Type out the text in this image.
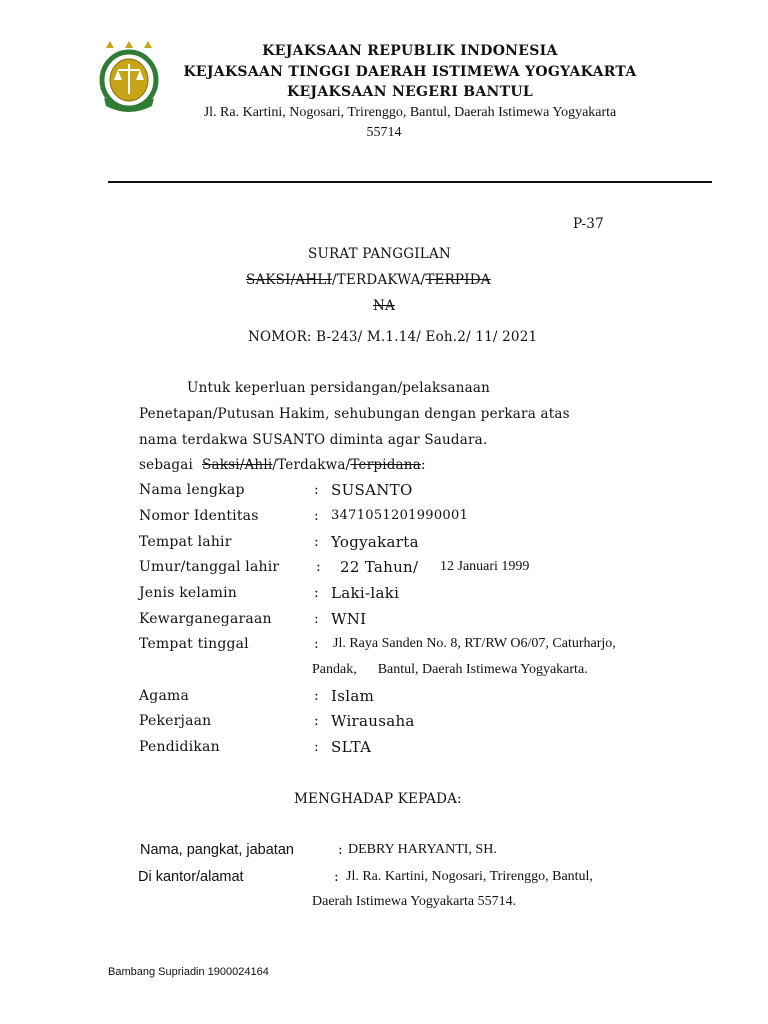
KEJAKSAAN REPUBLIK INDONESIA
KEJAKSAAN TINGGI DAERAH ISTIMEWA YOGYAKARTA
KEJAKSAAN NEGERI BANTUL
Jl. Ra. Kartini, Nogosari, Trirenggo, Bantul, Daerah Istimewa Yogyakarta
55714
P-37
SURAT PANGGILAN
SAKSI/AHLI/TERDAKWA/TERPIDA
NA
NOMOR: B-243/ M.1.14/ Eoh.2/ 11/ 2021
Untuk keperluan persidangan/pelaksanaan
Penetapan/Putusan Hakim, sehubungan dengan perkara atas
nama terdakwa SUSANTO diminta agar Saudara.
sebagai Saksi/Ahli/Terdakwa/Terpidana:
Nama lengkap	: SUSANTO
Nomor Identitas	: 3471051201990001
Tempat lahir	: Yogyakarta
Umur/tanggal lahir	: 22 Tahun/ 12 Januari 1999
Jenis kelamin	: Laki-laki
Kewarganegaraan	: WNI
Tempat tinggal	: Jl. Raya Sanden No. 8, RT/RW O6/07, Caturharjo,
Pandak,      Bantul, Daerah Istimewa Yogyakarta.
Agama	: Islam
Pekerjaan	: Wirausaha
Pendidikan	: SLTA
MENGHADAP KEPADA:
Nama, pangkat, jabatan	: DEBRY HARYANTI, SH.
Di kantor/alamat	: Jl. Ra. Kartini, Nogosari, Trirenggo, Bantul,
Daerah Istimewa Yogyakarta 55714.
Bambang Supriadin 1900024164
